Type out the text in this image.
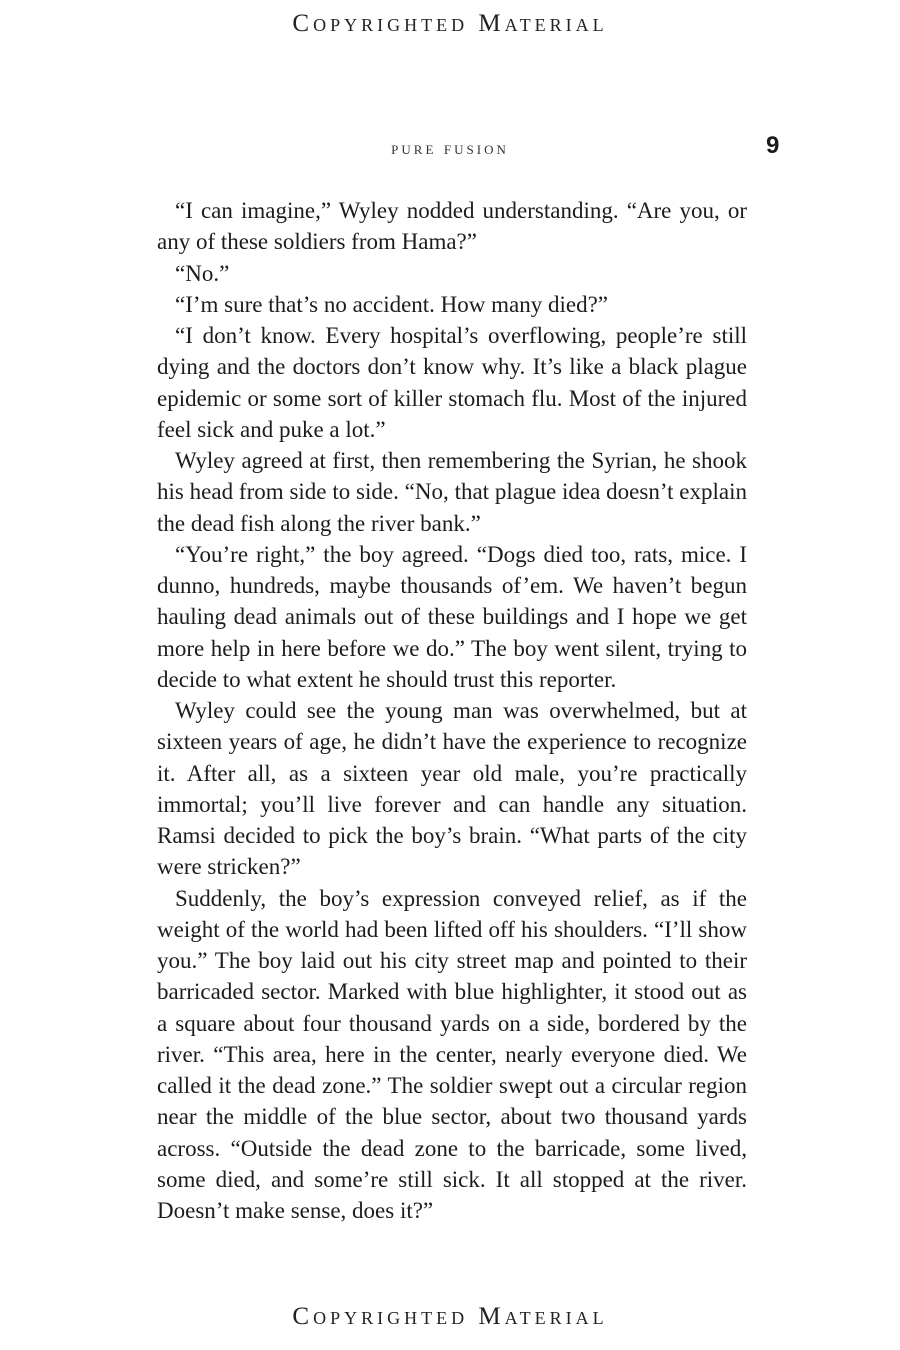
Copyrighted Material
pure fusion	9

“I can imagine,” Wyley nodded understanding. “Are you, or any of these soldiers from Hama?”

“No.”

“I’m sure that’s no accident. How many died?”

“I don’t know. Every hospital’s overflowing, people’re still dying and the doctors don’t know why. It’s like a black plague epidemic or some sort of killer stomach flu. Most of the injured feel sick and puke a lot.”

Wyley agreed at first, then remembering the Syrian, he shook his head from side to side. “No, that plague idea doesn’t explain the dead fish along the river bank.”

“You’re right,” the boy agreed. “Dogs died too, rats, mice. I dunno, hundreds, maybe thousands of’em. We haven’t begun hauling dead animals out of these buildings and I hope we get more help in here before we do.” The boy went silent, trying to decide to what extent he should trust this reporter.

Wyley could see the young man was overwhelmed, but at sixteen years of age, he didn’t have the experience to recognize it. After all, as a sixteen year old male, you’re practically immortal; you’ll live forever and can handle any situation. Ramsi decided to pick the boy’s brain. “What parts of the city were stricken?”

Suddenly, the boy’s expression conveyed relief, as if the weight of the world had been lifted off his shoulders. “I’ll show you.” The boy laid out his city street map and pointed to their barricaded sector. Marked with blue highlighter, it stood out as a square about four thousand yards on a side, bordered by the river. “This area, here in the center, nearly everyone died. We called it the dead zone.” The soldier swept out a circular region near the middle of the blue sector, about two thousand yards across. “Outside the dead zone to the barricade, some lived, some died, and some’re still sick. It all stopped at the river. Doesn’t make sense, does it?”

Copyrighted Material
